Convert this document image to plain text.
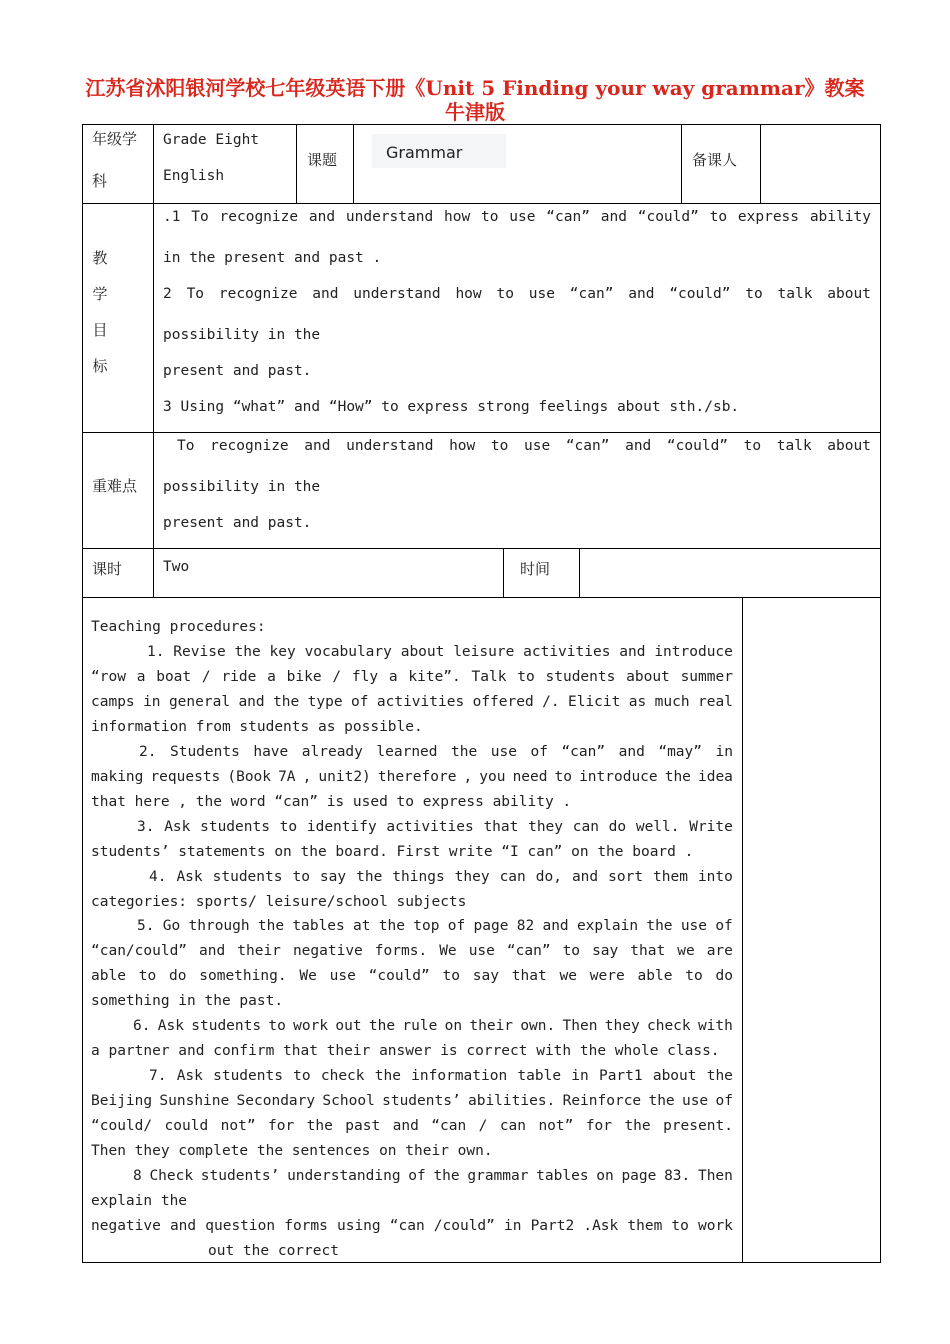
江苏省沭阳银河学校七年级英语下册《Unit 5 Finding your way grammar》教案
牛津版
年级学
科
Grade Eight
English
课题	Grammar	备课人
教
学
目
标
.1 To recognize and understand how to use “can” and “could” to express ability
in the present and past .
2 To recognize and understand how to use “can” and “could” to talk about
possibility in the
present and past.
3 Using “what” and “How” to express strong feelings about sth./sb.
重难点
To recognize and understand how to use “can” and “could” to talk about
possibility in the
present and past.
课时	Two	时间
Teaching procedures:
1. Revise the key vocabulary about leisure activities and introduce
“row a boat / ride a bike / fly a kite”. Talk to students about summer
camps in general and the type of activities offered /. Elicit as much real
information from students as possible.
2. Students have already learned the use of “can” and “may” in
making requests (Book 7A , unit2) therefore , you need to introduce the idea
that here , the word “can” is used to express ability .
3. Ask students to identify activities that they can do well. Write
students’ statements on the board. First write “I can” on the board .
4. Ask students to say the things they can do, and sort them into
categories: sports/ leisure/school subjects
5. Go through the tables at the top of page 82 and explain the use of
“can/could” and their negative forms. We use “can” to say that we are
able to do something. We use “could” to say that we were able to do
something in the past.
6. Ask students to work out the rule on their own. Then they check with
a partner and confirm that their answer is correct with the whole class.
7. Ask students to check the information table in Part1 about the
Beijing Sunshine Secondary School students’ abilities. Reinforce the use of
“could/ could not” for the past and “can / can not” for the present.
Then they complete the sentences on their own.
8 Check students’ understanding of the grammar tables on page 83. Then
explain the
negative and question forms using “can /could” in Part2 .Ask them to work
out the correct
